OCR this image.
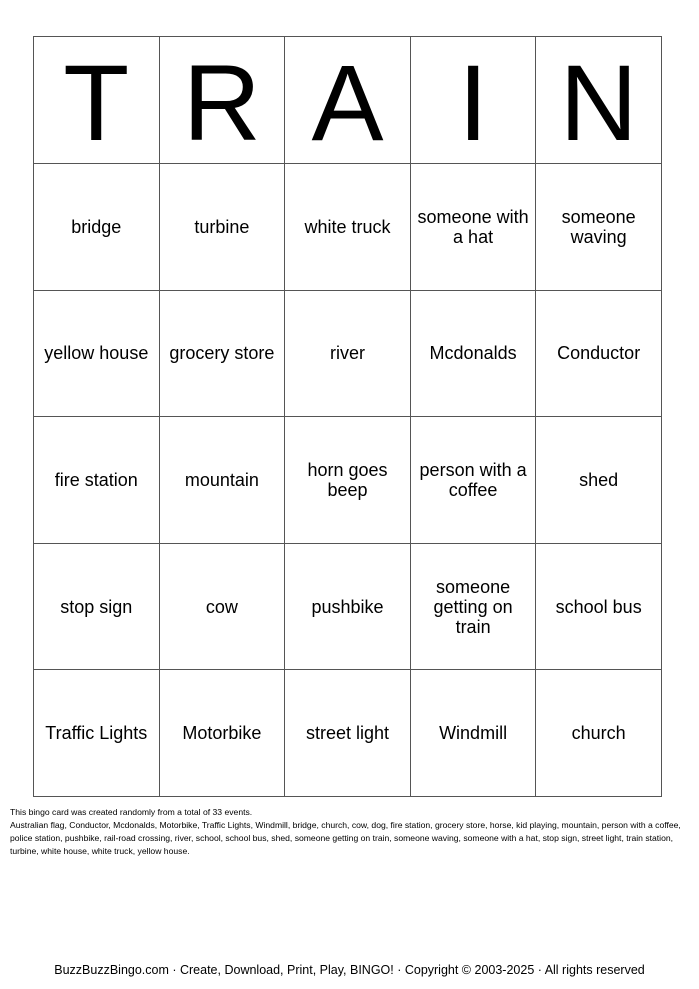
T	R	A	I	N
bridge	turbine	white truck	someone with a hat	someone waving
yellow house	grocery store	river	Mcdonalds	Conductor
fire station	mountain	horn goes beep	person with a coffee	shed
stop sign	cow	pushbike	someone getting on train	school bus
Traffic Lights	Motorbike	street light	Windmill	church

This bingo card was created randomly from a total of 33 events.

Australian flag, Conductor, Mcdonalds, Motorbike, Traffic Lights, Windmill, bridge, church, cow, dog, fire station, grocery store, horse, kid playing, mountain, person with a coffee, police station, pushbike, rail-road crossing, river, school, school bus, shed, someone getting on train, someone waving, someone with a hat, stop sign, street light, train station, turbine, white house, white truck, yellow house.

BuzzBuzzBingo.com · Create, Download, Print, Play, BINGO! · Copyright © 2003-2025 · All rights reserved
